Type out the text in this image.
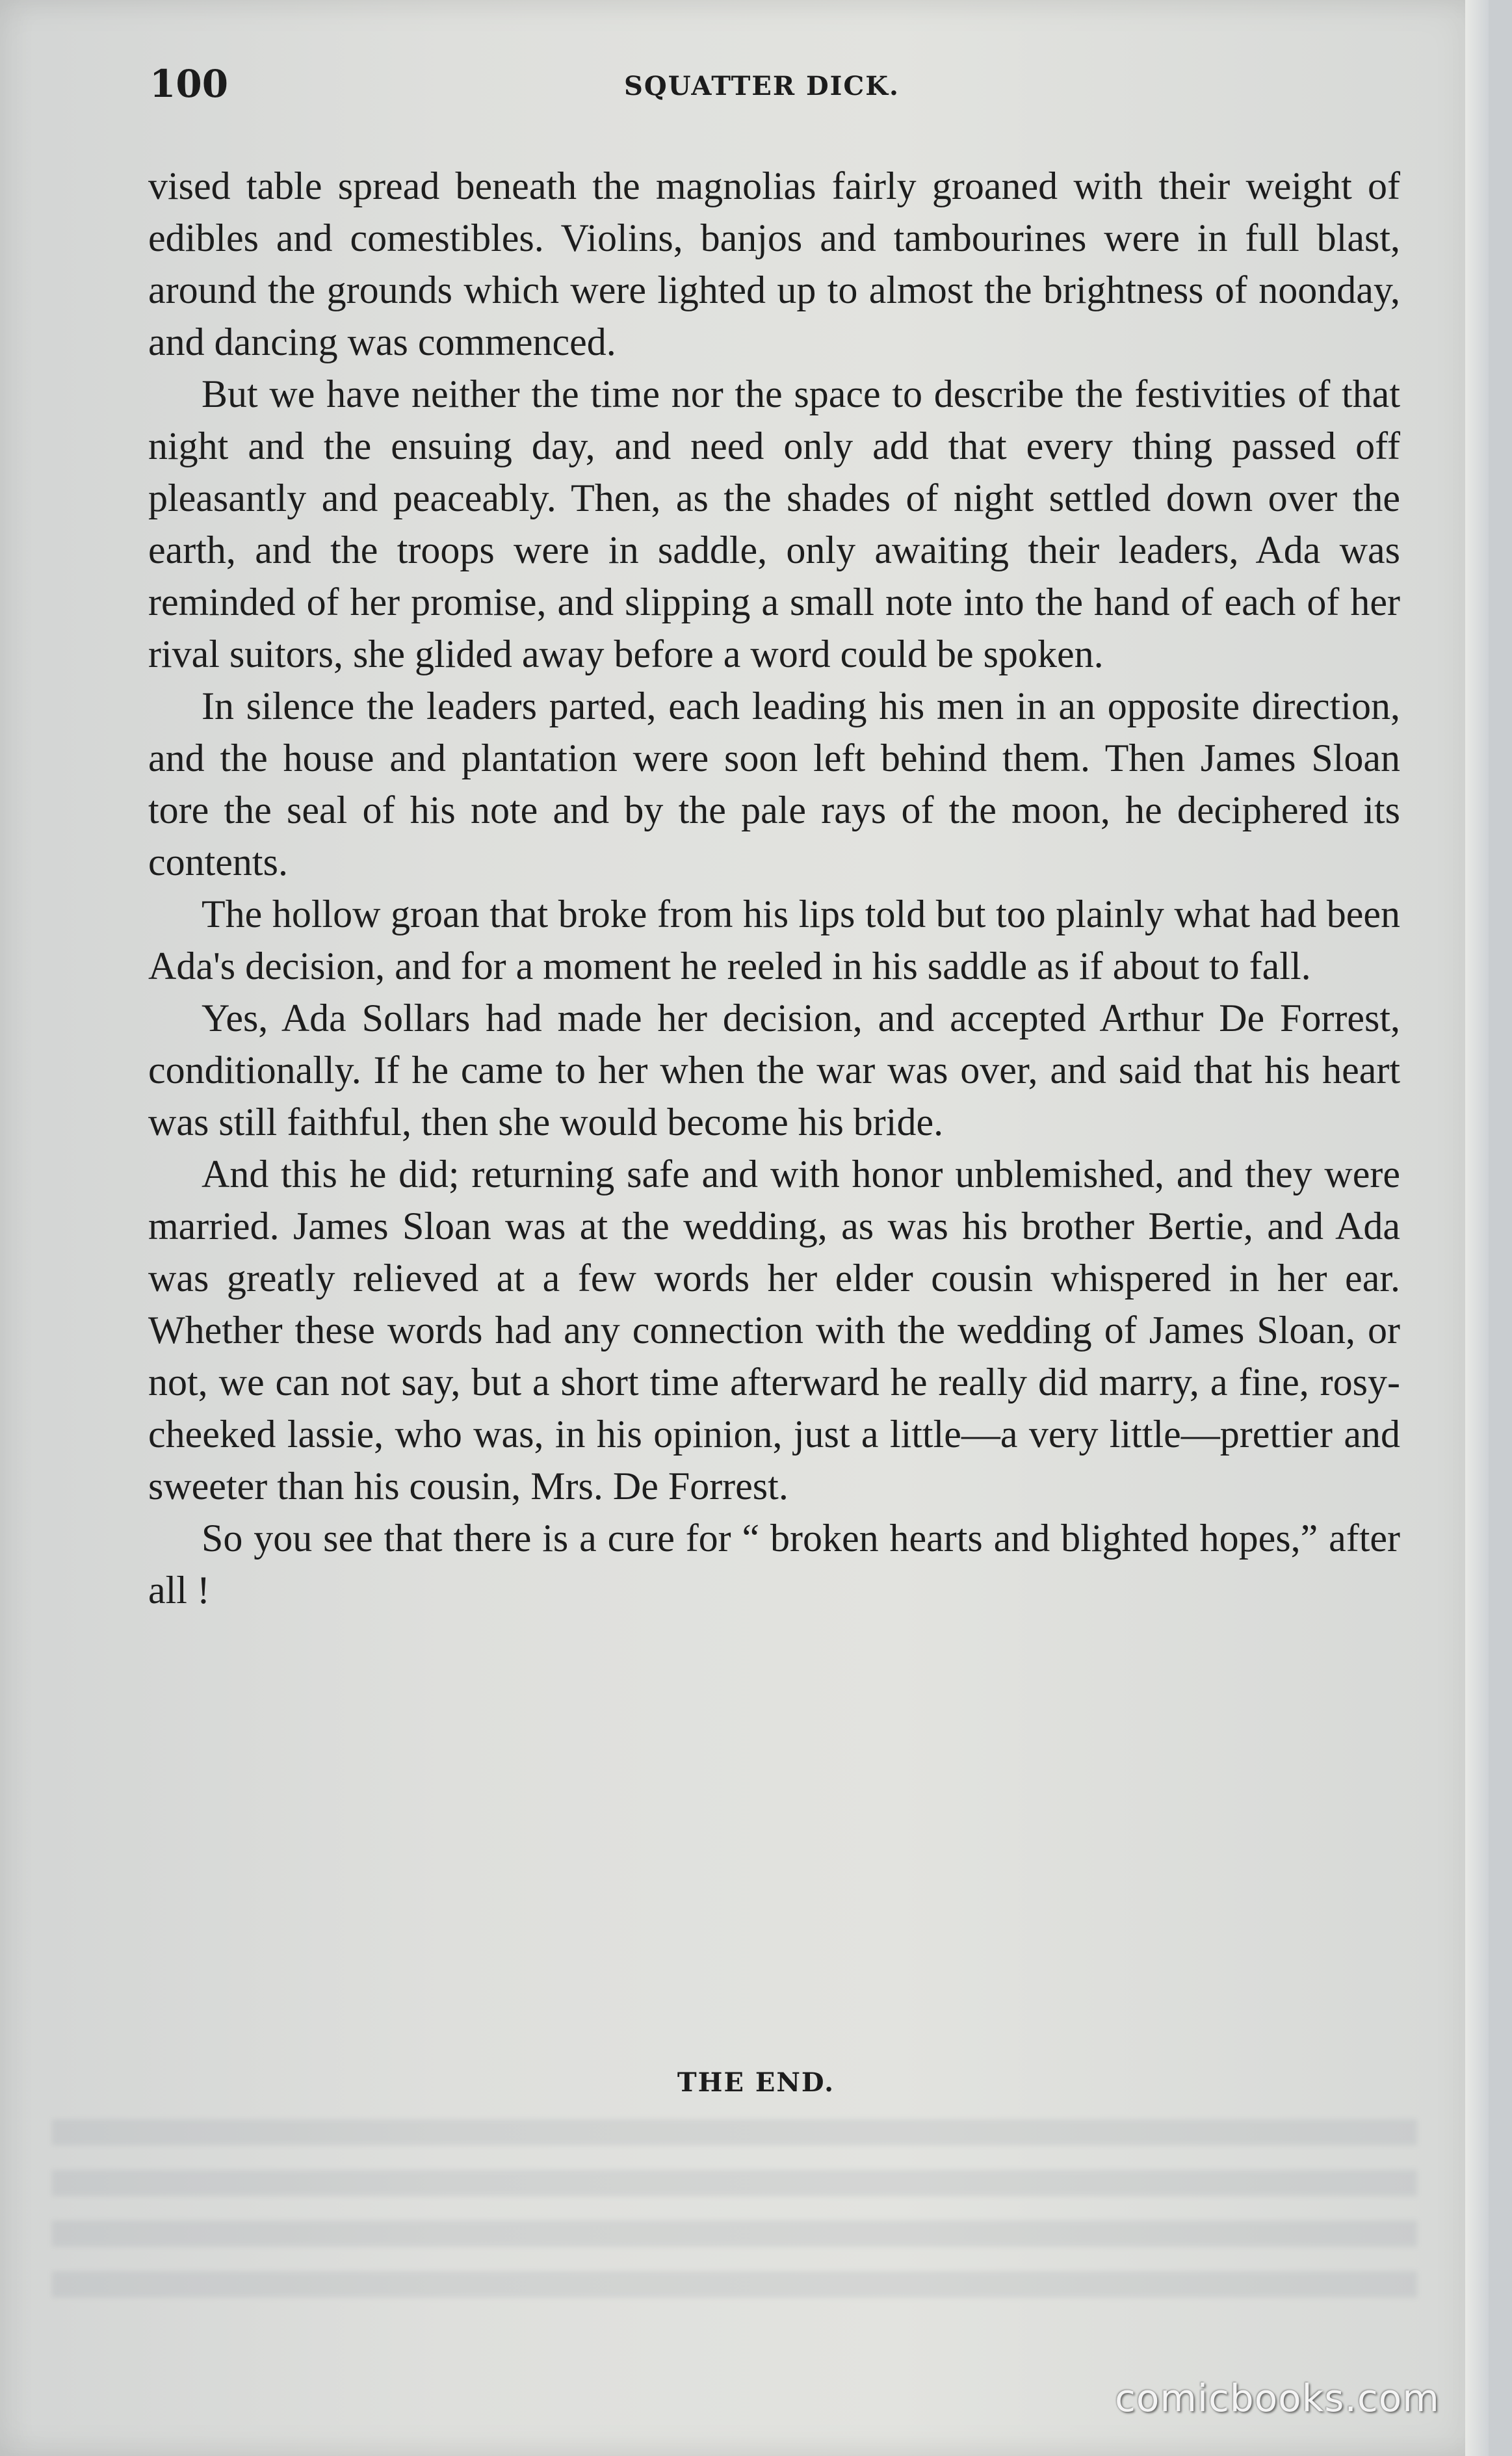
100	SQUATTER DICK.

vised table spread beneath the magnolias fairly groaned with their weight of edibles and comestibles. Violins, banjos and tambourines were in full blast, around the grounds which were lighted up to almost the brightness of noonday, and dancing was commenced.

But we have neither the time nor the space to describe the festivities of that night and the ensuing day, and need only add that every thing passed off pleasantly and peaceably. Then, as the shades of night settled down over the earth, and the troops were in saddle, only awaiting their leaders, Ada was reminded of her promise, and slipping a small note into the hand of each of her rival suitors, she glided away before a word could be spoken.

In silence the leaders parted, each leading his men in an opposite direction, and the house and plantation were soon left behind them. Then James Sloan tore the seal of his note and by the pale rays of the moon, he deciphered its contents.

The hollow groan that broke from his lips told but too plainly what had been Ada's decision, and for a moment he reeled in his saddle as if about to fall.

Yes, Ada Sollars had made her decision, and accepted Arthur De Forrest, conditionally. If he came to her when the war was over, and said that his heart was still faithful, then she would become his bride.

And this he did; returning safe and with honor unblemished, and they were married. James Sloan was at the wedding, as was his brother Bertie, and Ada was greatly relieved at a few words her elder cousin whispered in her ear. Whether these words had any connection with the wedding of James Sloan, or not, we can not say, but a short time afterward he really did marry, a fine, rosy-cheeked lassie, who was, in his opinion, just a little—a very little—prettier and sweeter than his cousin, Mrs. De Forrest.

So you see that there is a cure for “ broken hearts and blighted hopes,” after all !

THE END.
comicbooks.com
